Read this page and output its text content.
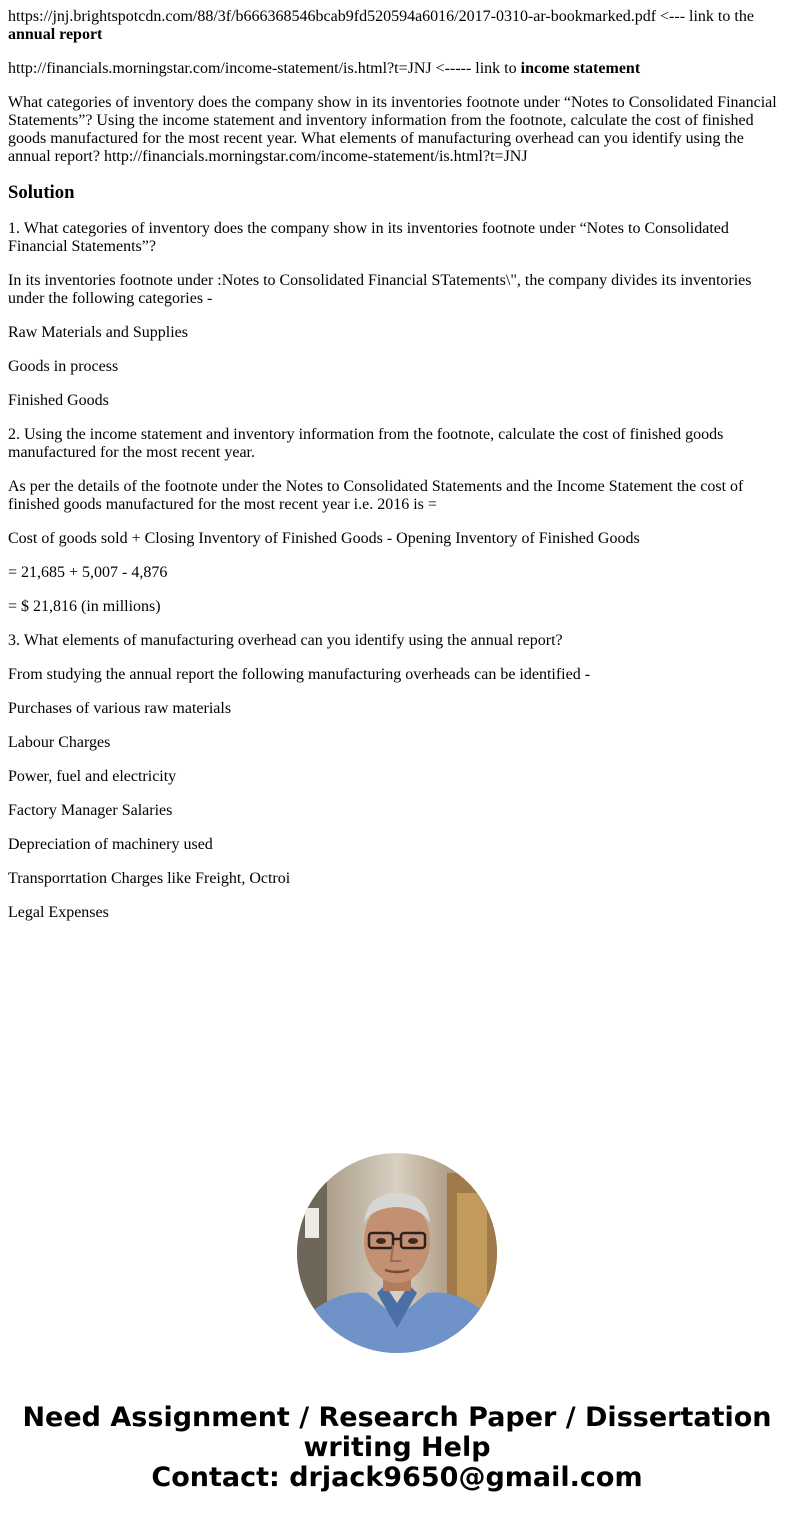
https://jnj.brightspotcdn.com/88/3f/b666368546bcab9fd520594a6016/2017-0310-ar-bookmarked.pdf <--- link to the annual report

http://financials.morningstar.com/income-statement/is.html?t=JNJ <----- link to income statement

What categories of inventory does the company show in its inventories footnote under “Notes to Consolidated Financial Statements”? Using the income statement and inventory information from the footnote, calculate the cost of finished goods manufactured for the most recent year. What elements of manufacturing overhead can you identify using the annual report? http://financials.morningstar.com/income-statement/is.html?t=JNJ

Solution

1. What categories of inventory does the company show in its inventories footnote under “Notes to Consolidated Financial Statements”?

In its inventories footnote under :Notes to Consolidated Financial STatements\", the company divides its inventories under the following categories -

Raw Materials and Supplies

Goods in process

Finished Goods

2. Using the income statement and inventory information from the footnote, calculate the cost of finished goods manufactured for the most recent year.

As per the details of the footnote under the Notes to Consolidated Statements and the Income Statement the cost of finished goods manufactured for the most recent year i.e. 2016 is =

Cost of goods sold + Closing Inventory of Finished Goods - Opening Inventory of Finished Goods

= 21,685 + 5,007 - 4,876

= $ 21,816 (in millions)

3. What elements of manufacturing overhead can you identify using the annual report?

From studying the annual report the following manufacturing overheads can be identified -

Purchases of various raw materials

Labour Charges

Power, fuel and electricity

Factory Manager Salaries

Depreciation of machinery used

Transporrtation Charges like Freight, Octroi

Legal Expenses

Need Assignment / Research Paper / Dissertation
writing Help
Contact: drjack9650@gmail.com
